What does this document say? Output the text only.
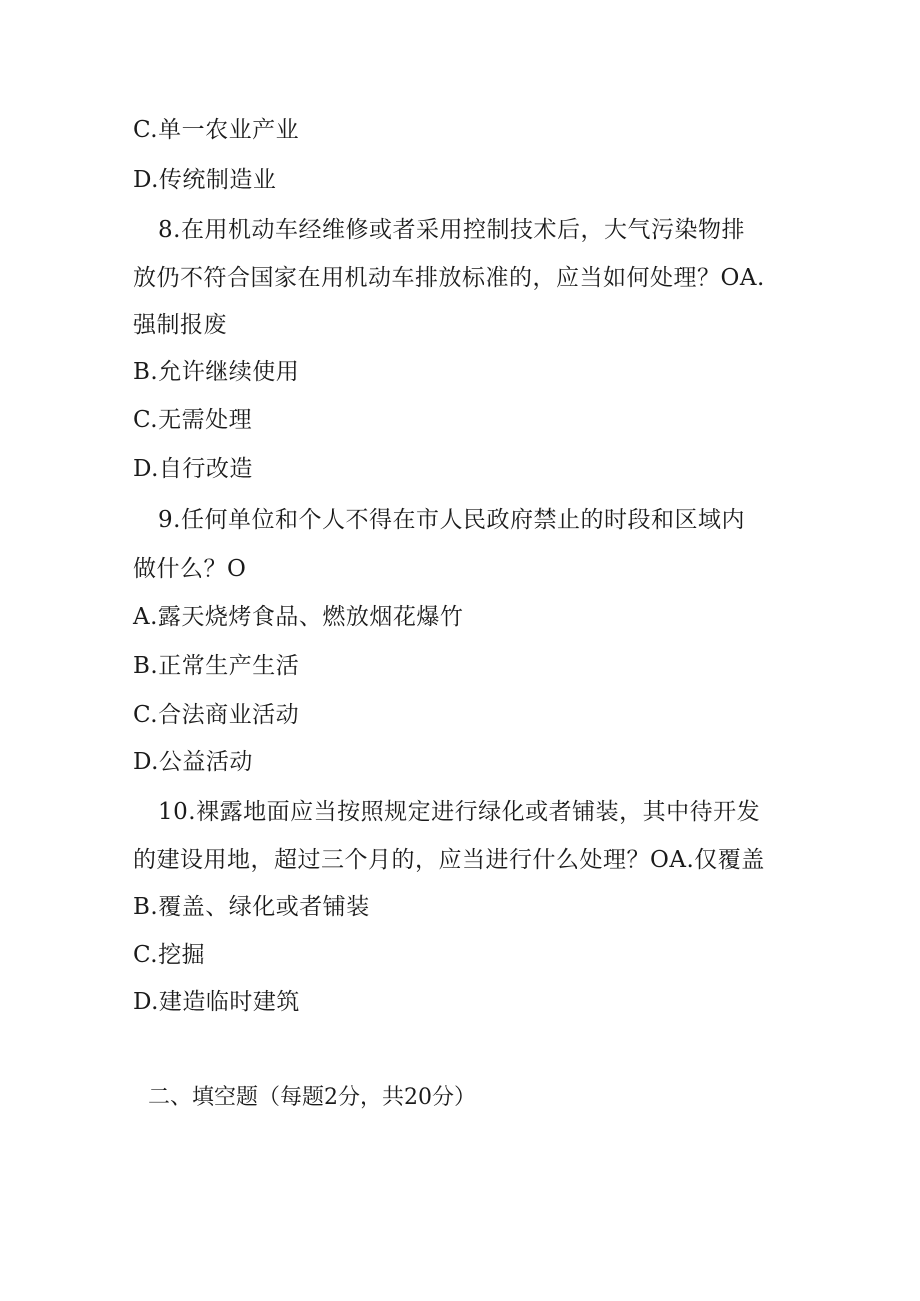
C.单一农业产业
D.传统制造业
8.在用机动车经维修或者采用控制技术后，大气污染物排
放仍不符合国家在用机动车排放标准的，应当如何处理？OA.
强制报废
B.允许继续使用
C.无需处理
D.自行改造
9.任何单位和个人不得在市人民政府禁止的时段和区域内
做什么？O
A.露天烧烤食品、燃放烟花爆竹
B.正常生产生活
C.合法商业活动
D.公益活动
10.裸露地面应当按照规定进行绿化或者铺装，其中待开发
的建设用地，超过三个月的，应当进行什么处理？OA.仅覆盖
B.覆盖、绿化或者铺装
C.挖掘
D.建造临时建筑
二、填空题（每题2分，共20分）
